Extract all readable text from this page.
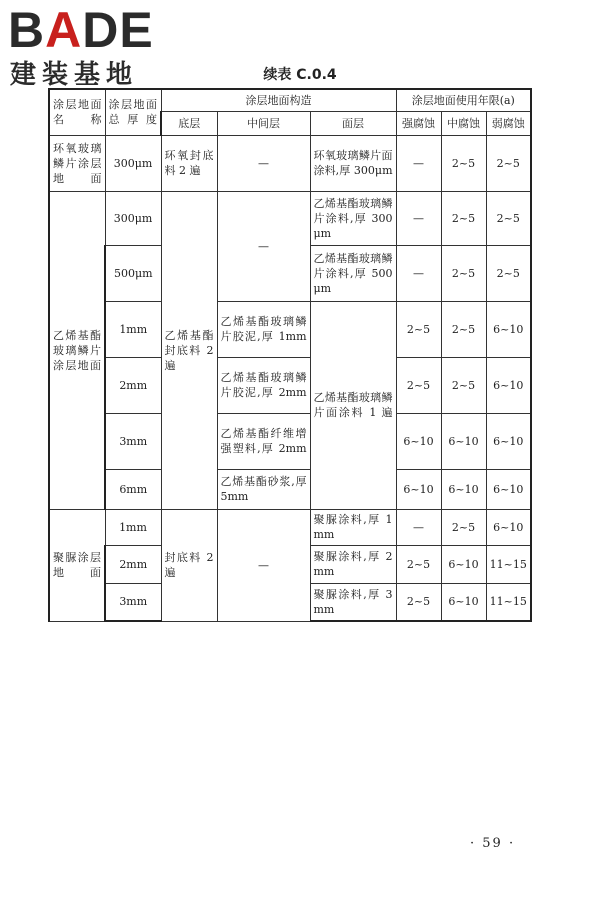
BADE
建装基地	续表 C.0.4
涂层地面名称	涂层地面总厚度	涂层地面构造			涂层地面使用年限(a)		
		底层	中间层	面层	强腐蚀	中腐蚀	弱腐蚀
环氧玻璃鳞片涂层地面	300μm	环氧封底料 2 遍	—	环氧玻璃鳞片面涂料,厚 300μm	—	2~5	2~5
乙烯基酯玻璃鳞片涂层地面	300μm	乙烯基酯封底料 2 遍	—	乙烯基酯玻璃鳞片涂料,厚 300μm	—	2~5	2~5
	500μm			乙烯基酯玻璃鳞片涂料,厚 500μm	—	2~5	2~5
	1mm		乙烯基酯玻璃鳞片胶泥,厚 1mm	乙烯基酯玻璃鳞片面涂料 1 遍	2~5	2~5	6~10
	2mm		乙烯基酯玻璃鳞片胶泥,厚 2mm		2~5	2~5	6~10
	3mm		乙烯基酯纤维增强塑料,厚 2mm		6~10	6~10	6~10
	6mm		乙烯基酯砂浆,厚 5mm		6~10	6~10	6~10
聚脲涂层地面	1mm	封底料 2 遍	—	聚脲涂料,厚 1mm	—	2~5	6~10
	2mm			聚脲涂料,厚 2mm	2~5	6~10	11~15
	3mm			聚脲涂料,厚 3mm	2~5	6~10	11~15
· 59 ·
